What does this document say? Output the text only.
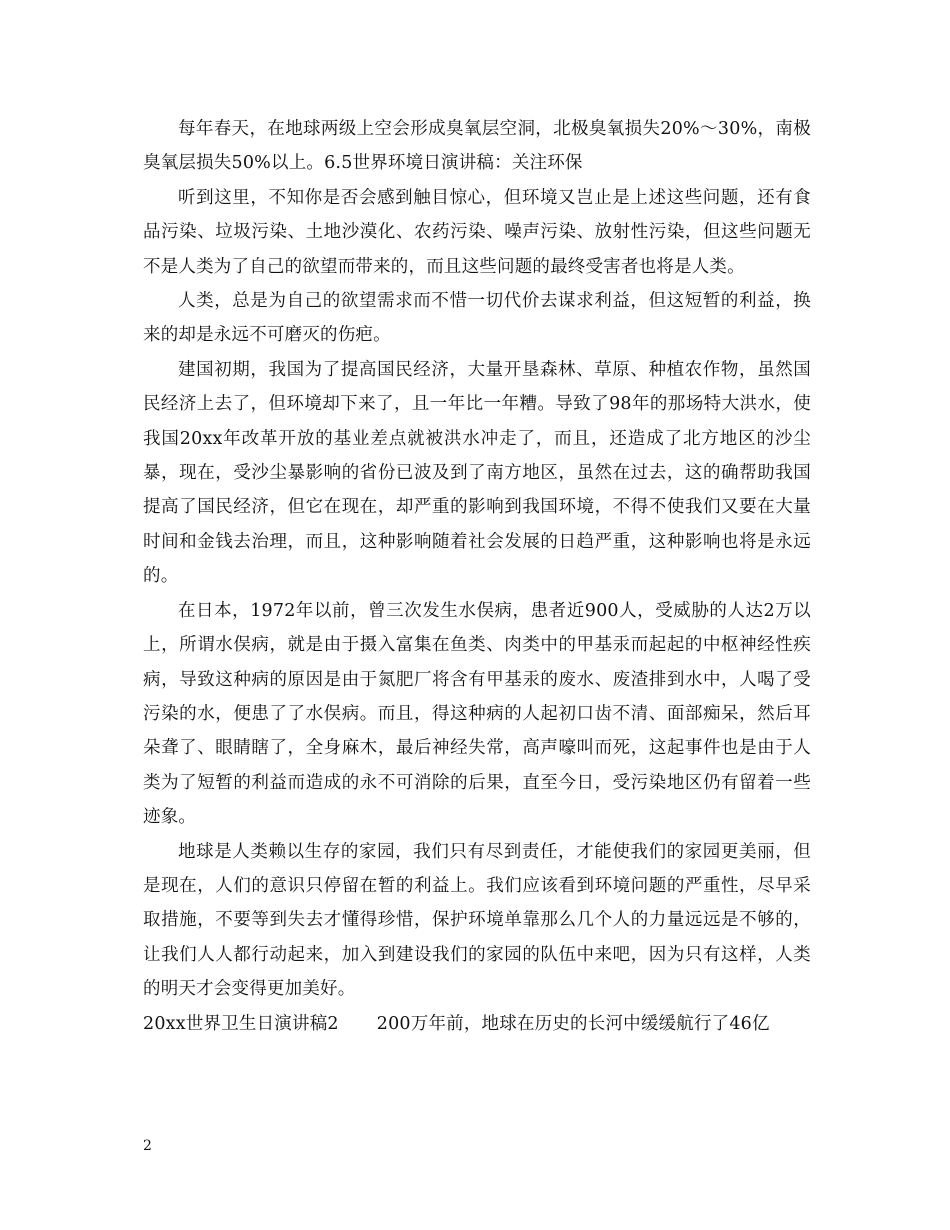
每年春天，在地球两级上空会形成臭氧层空洞，北极臭氧损失20%～30%，南极臭氧层损失50%以上。6.5世界环境日演讲稿：关注环保

听到这里，不知你是否会感到触目惊心，但环境又岂止是上述这些问题，还有食品污染、垃圾污染、土地沙漠化、农药污染、噪声污染、放射性污染，但这些问题无不是人类为了自己的欲望而带来的，而且这些问题的最终受害者也将是人类。

人类，总是为自己的欲望需求而不惜一切代价去谋求利益，但这短暂的利益，换来的却是永远不可磨灭的伤疤。

建国初期，我国为了提高国民经济，大量开垦森林、草原、种植农作物，虽然国民经济上去了，但环境却下来了，且一年比一年糟。导致了98年的那场特大洪水，使我国20xx年改革开放的基业差点就被洪水冲走了，而且，还造成了北方地区的沙尘暴，现在，受沙尘暴影响的省份已波及到了南方地区，虽然在过去，这的确帮助我国提高了国民经济，但它在现在，却严重的影响到我国环境，不得不使我们又要在大量时间和金钱去治理，而且，这种影响随着社会发展的日趋严重，这种影响也将是永远的。

在日本，1972年以前，曾三次发生水俣病，患者近900人，受威胁的人达2万以上，所谓水俣病，就是由于摄入富集在鱼类、肉类中的甲基汞而起起的中枢神经性疾病，导致这种病的原因是由于氮肥厂将含有甲基汞的废水、废渣排到水中，人喝了受污染的水，便患了了水俣病。而且，得这种病的人起初口齿不清、面部痴呆，然后耳朵聋了、眼睛瞎了，全身麻木，最后神经失常，高声嚎叫而死，这起事件也是由于人类为了短暂的利益而造成的永不可消除的后果，直至今日，受污染地区仍有留着一些迹象。

地球是人类赖以生存的家园，我们只有尽到责任，才能使我们的家园更美丽，但是现在，人们的意识只停留在暂的利益上。我们应该看到环境问题的严重性，尽早采取措施，不要等到失去才懂得珍惜，保护环境单靠那么几个人的力量远远是不够的，让我们人人都行动起来，加入到建设我们的家园的队伍中来吧，因为只有这样，人类的明天才会变得更加美好。

20xx世界卫生日演讲稿2 200万年前，地球在历史的长河中缓缓航行了46亿

2
